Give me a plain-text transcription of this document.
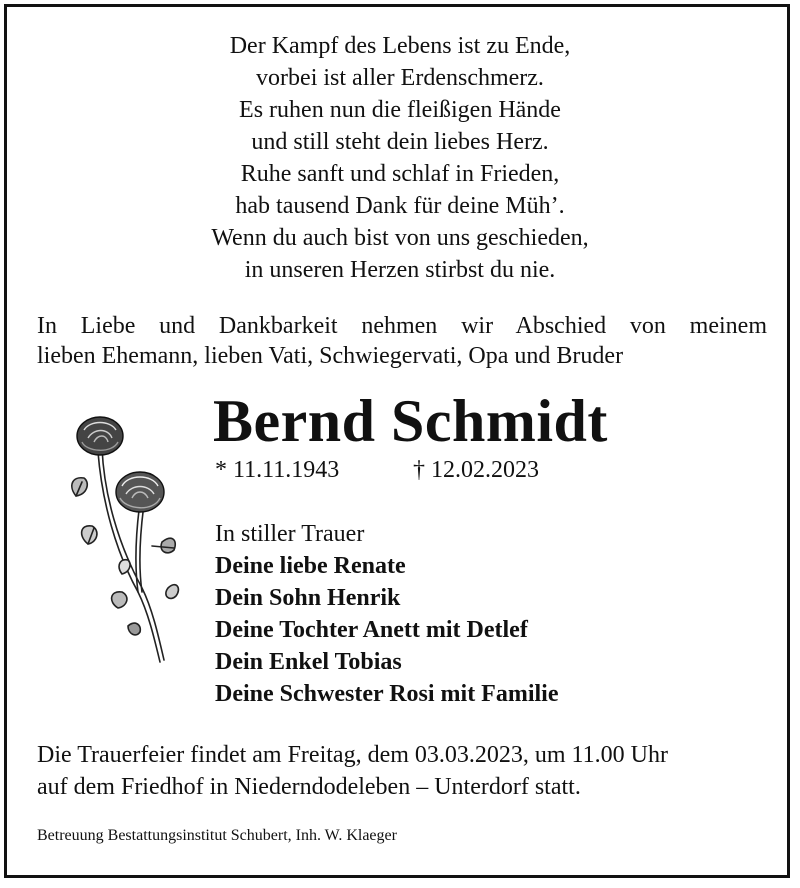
Der Kampf des Lebens ist zu Ende,
vorbei ist aller Erdenschmerz.
Es ruhen nun die fleißigen Hände
und still steht dein liebes Herz.
Ruhe sanft und schlaf in Frieden,
hab tausend Dank für deine Müh’.
Wenn du auch bist von uns geschieden,
in unseren Herzen stirbst du nie.
In Liebe und Dankbarkeit nehmen wir Abschied von meinem
lieben Ehemann, lieben Vati, Schwiegervati, Opa und Bruder
Bernd Schmidt
* 11.11.1943	† 12.02.2023
In stiller Trauer
Deine liebe Renate
Dein Sohn Henrik
Deine Tochter Anett mit Detlef
Dein Enkel Tobias
Deine Schwester Rosi mit Familie
Die Trauerfeier findet am Freitag, dem 03.03.2023, um 11.00 Uhr
auf dem Friedhof in Niederndodeleben – Unterdorf statt.
Betreuung Bestattungsinstitut Schubert, Inh. W. Klaeger
